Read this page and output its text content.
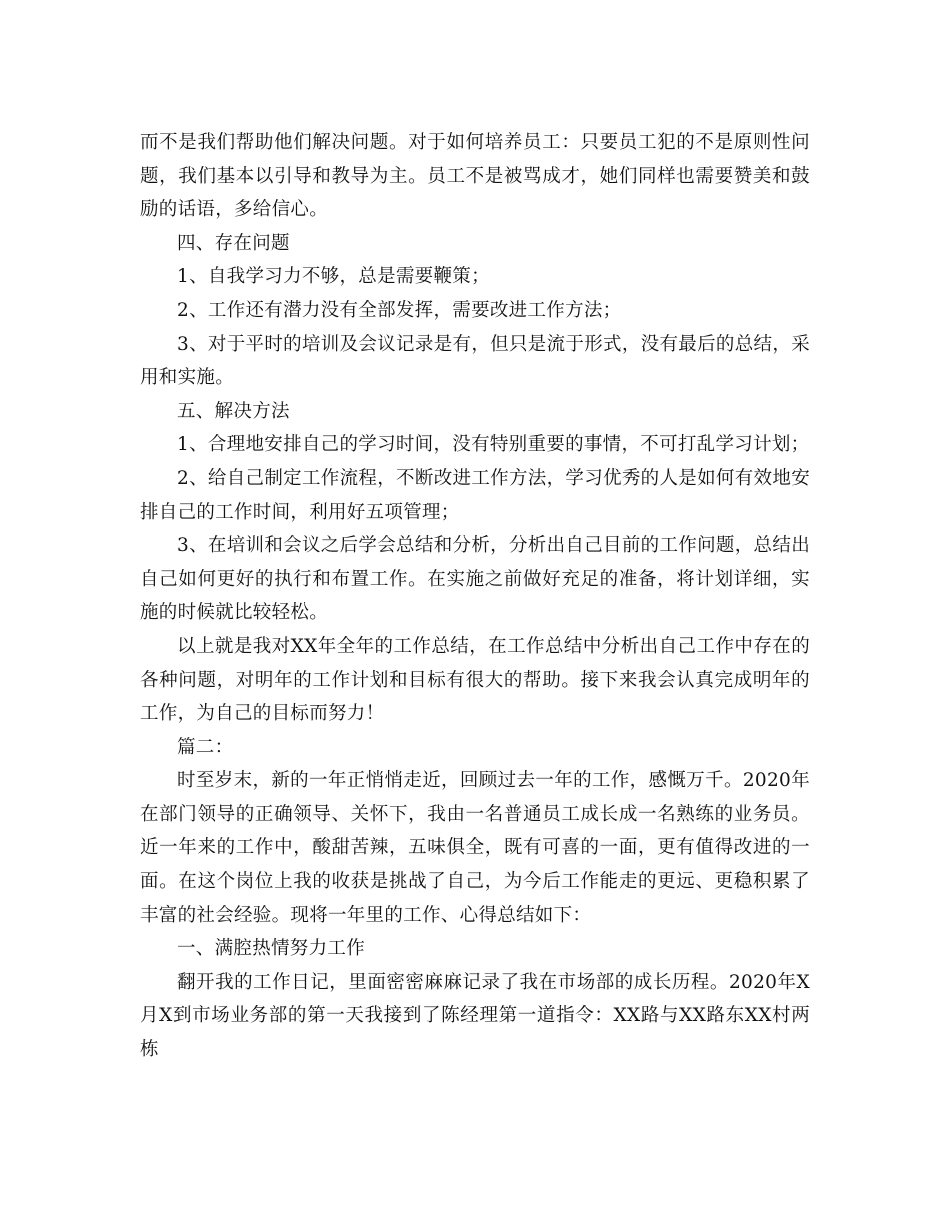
而不是我们帮助他们解决问题。对于如何培养员工：只要员工犯的不是原则性问题，我们基本以引导和教导为主。员工不是被骂成才，她们同样也需要赞美和鼓励的话语，多给信心。

四、存在问题

1、自我学习力不够，总是需要鞭策；

2、工作还有潜力没有全部发挥，需要改进工作方法；

3、对于平时的培训及会议记录是有，但只是流于形式，没有最后的总结，采用和实施。

五、解决方法

1、合理地安排自己的学习时间，没有特别重要的事情，不可打乱学习计划；

2、给自己制定工作流程，不断改进工作方法，学习优秀的人是如何有效地安排自己的工作时间，利用好五项管理；

3、在培训和会议之后学会总结和分析，分析出自己目前的工作问题，总结出自己如何更好的执行和布置工作。在实施之前做好充足的准备，将计划详细，实施的时候就比较轻松。

以上就是我对XX年全年的工作总结，在工作总结中分析出自己工作中存在的各种问题，对明年的工作计划和目标有很大的帮助。接下来我会认真完成明年的工作，为自己的目标而努力！

篇二：

时至岁末，新的一年正悄悄走近，回顾过去一年的工作，感慨万千。2020年在部门领导的正确领导、关怀下，我由一名普通员工成长成一名熟练的业务员。近一年来的工作中，酸甜苦辣，五味俱全，既有可喜的一面，更有值得改进的一面。在这个岗位上我的收获是挑战了自己，为今后工作能走的更远、更稳积累了丰富的社会经验。现将一年里的工作、心得总结如下：

一、满腔热情努力工作

翻开我的工作日记，里面密密麻麻记录了我在市场部的成长历程。2020年X月X到市场业务部的第一天我接到了陈经理第一道指令：XX路与XX路东XX村两栋
